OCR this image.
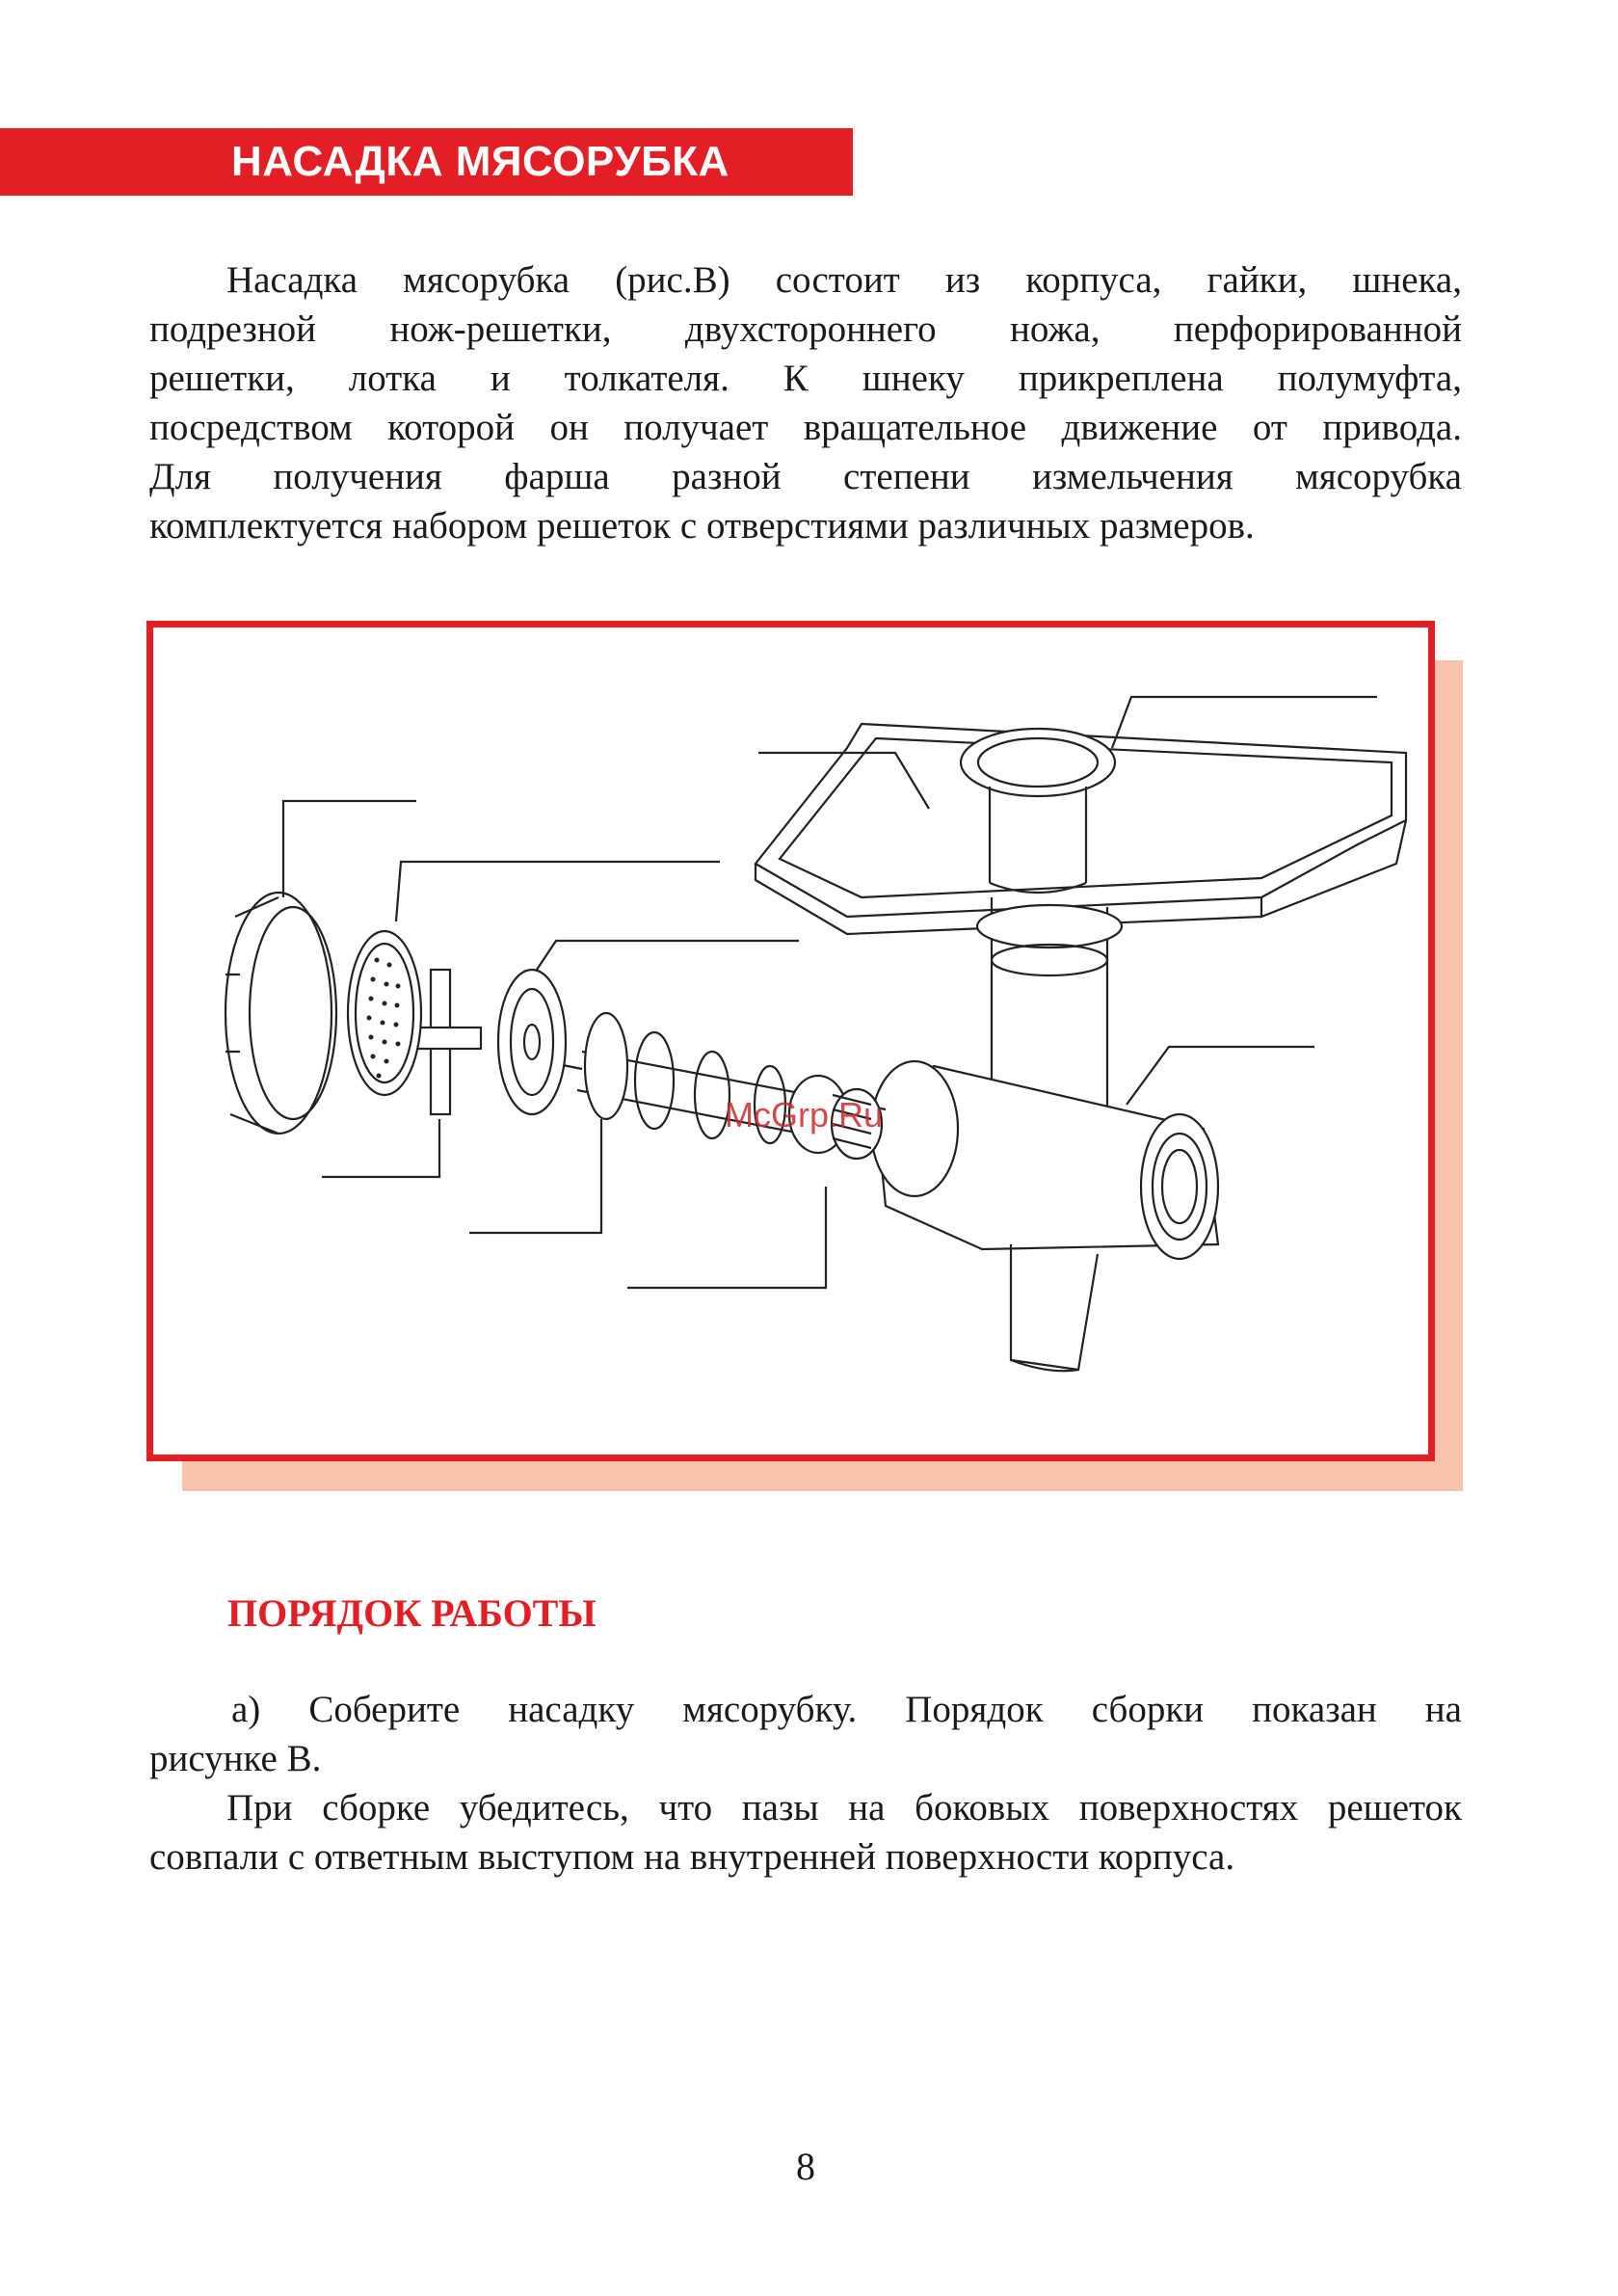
НАСАДКА МЯСОРУБКА
Насадка мясорубка (рис.В) состоит из корпуса, гайки, шнека,
подрезной нож-решетки, двухстороннего ножа, перфорированной
решетки, лотка и толкателя. К шнеку прикреплена полумуфта,
посредством которой он получает вращательное движение от привода.
Для получения фарша разной степени измельчения мясорубка
комплектуется набором решеток с отверстиями различных размеров.
McGrp.Ru
ПОРЯДОК РАБОТЫ
а) Соберите насадку мясорубку. Порядок сборки показан на
рисунке В.
При сборке убедитесь, что пазы на боковых поверхностях решеток
совпали с ответным выступом на внутренней поверхности корпуса.
8
